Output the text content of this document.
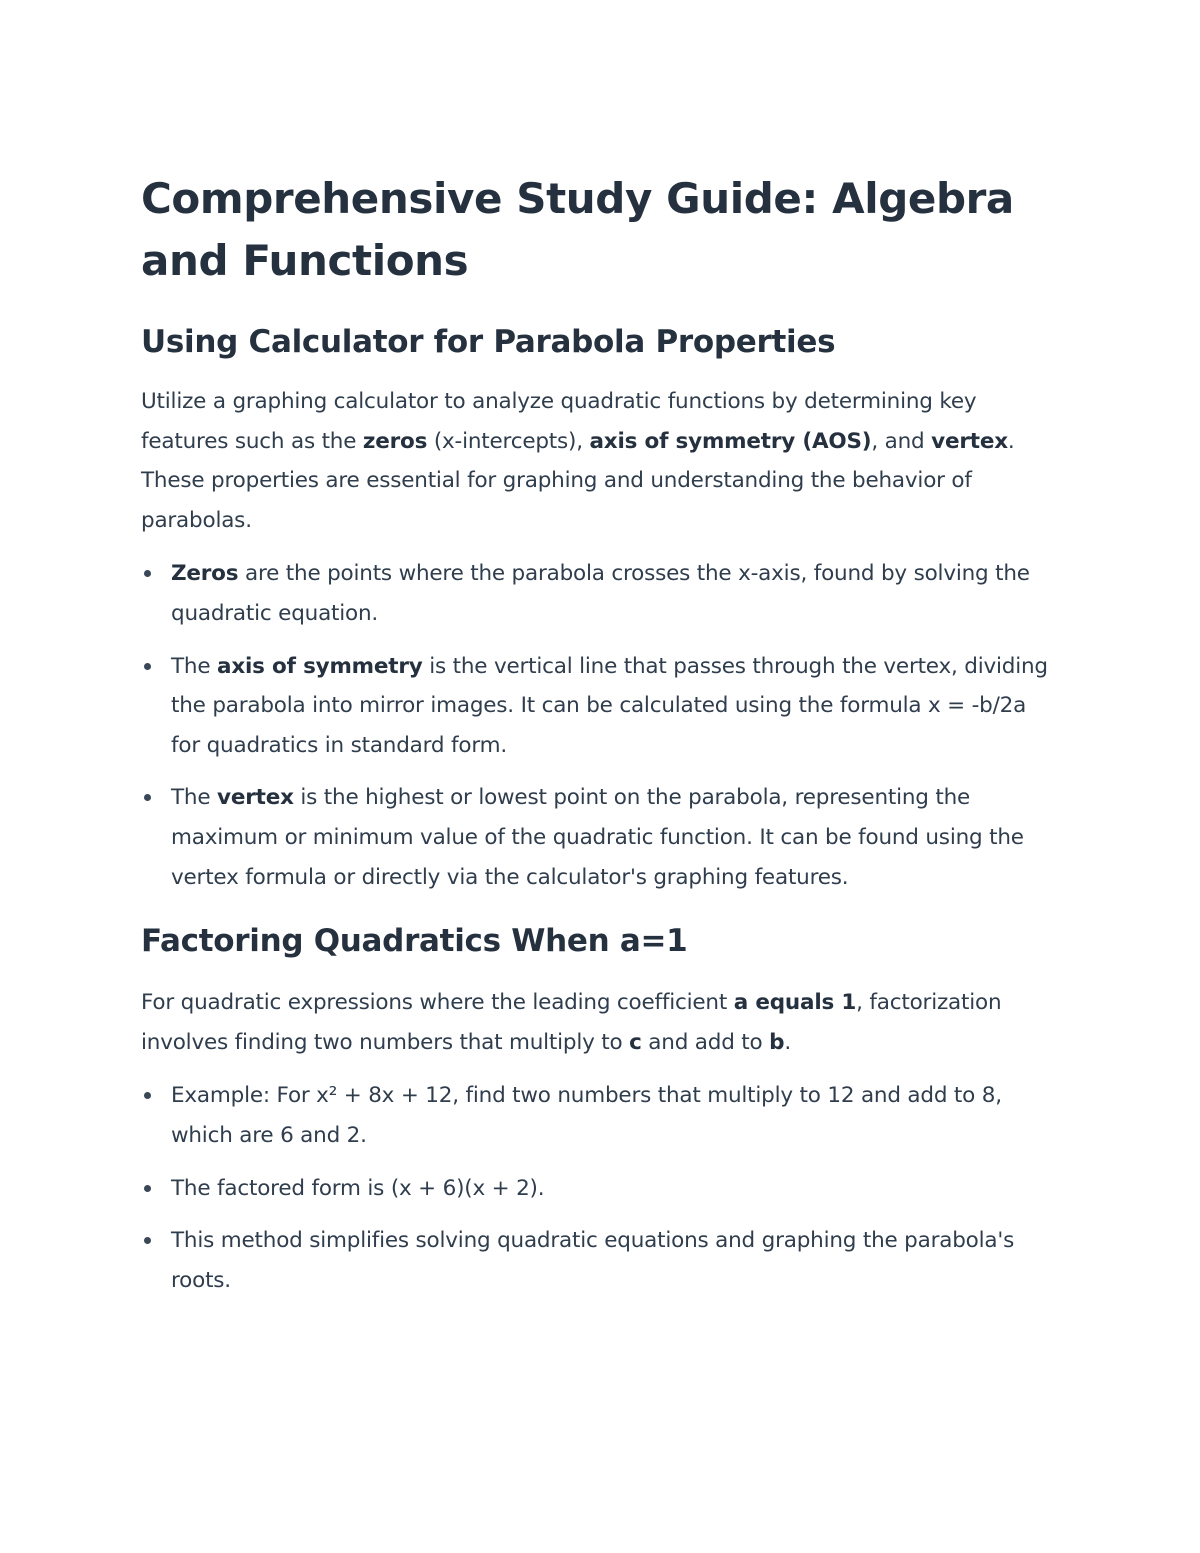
Comprehensive Study Guide: Algebra and Functions
Using Calculator for Parabola Properties

Utilize a graphing calculator to analyze quadratic functions by determining key features such as the zeros (x-intercepts), axis of symmetry (AOS), and vertex. These properties are essential for graphing and understanding the behavior of parabolas.

Zeros are the points where the parabola crosses the x-axis, found by solving the quadratic equation.
The axis of symmetry is the vertical line that passes through the vertex, dividing the parabola into mirror images. It can be calculated using the formula x = -b/2a for quadratics in standard form.
The vertex is the highest or lowest point on the parabola, representing the maximum or minimum value of the quadratic function. It can be found using the vertex formula or directly via the calculator's graphing features.
Factoring Quadratics When a=1

For quadratic expressions where the leading coefficient a equals 1, factorization involves finding two numbers that multiply to c and add to b.

Example: For x² + 8x + 12, find two numbers that multiply to 12 and add to 8, which are 6 and 2.
The factored form is (x + 6)(x + 2).
This method simplifies solving quadratic equations and graphing the parabola's roots.
